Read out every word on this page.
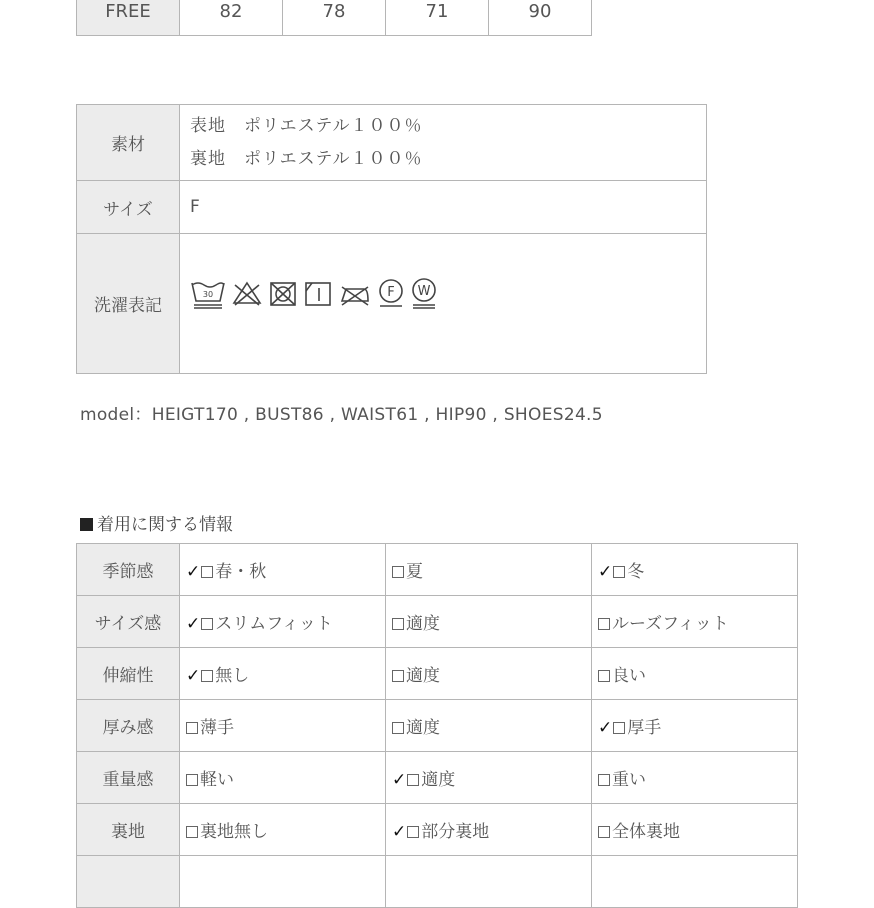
FREE	82	78	71	90
素材	表地　ポリエステル１００％
裏地　ポリエステル１００％

サイズ	F
洗濯表記	30 F W
model：HEIGT170 , BUST86 , WAIST61 , HIP90 , SHOES24.5
着用に関する情報
季節感	✓ 春・秋	夏	✓ 冬
サイズ感	✓ スリムフィット	適度	ルーズフィット
伸縮性	✓ 無し	適度	良い
厚み感	薄手	適度	✓ 厚手
重量感	軽い	✓ 適度	重い
裏地	裏地無し	✓ 部分裏地	全体裏地
